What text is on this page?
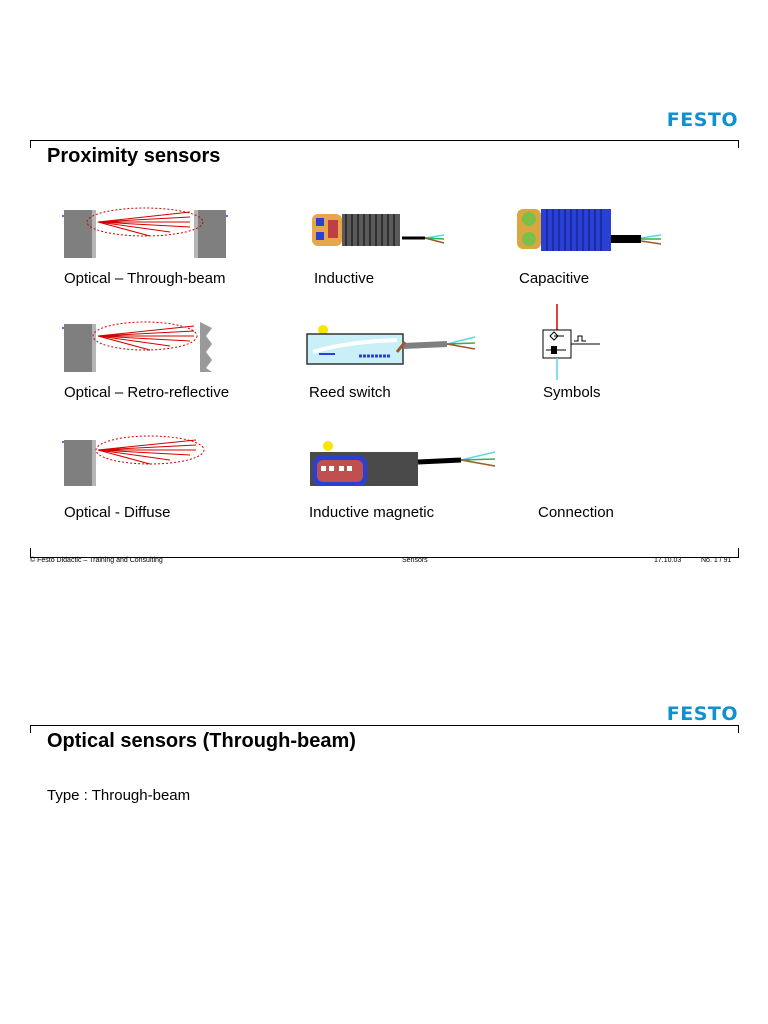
FESTO
Proximity sensors
Optical – Through-beam	Inductive	Capacitive
Optical – Retro-reflective	Reed switch	Symbols
Optical - Diffuse	Inductive magnetic	Connection
© Festo Didactic – Training and Consulting	Sensors	17.10.03	No. 1 / 91
FESTO
Optical sensors (Through-beam)
Type : Through-beam
